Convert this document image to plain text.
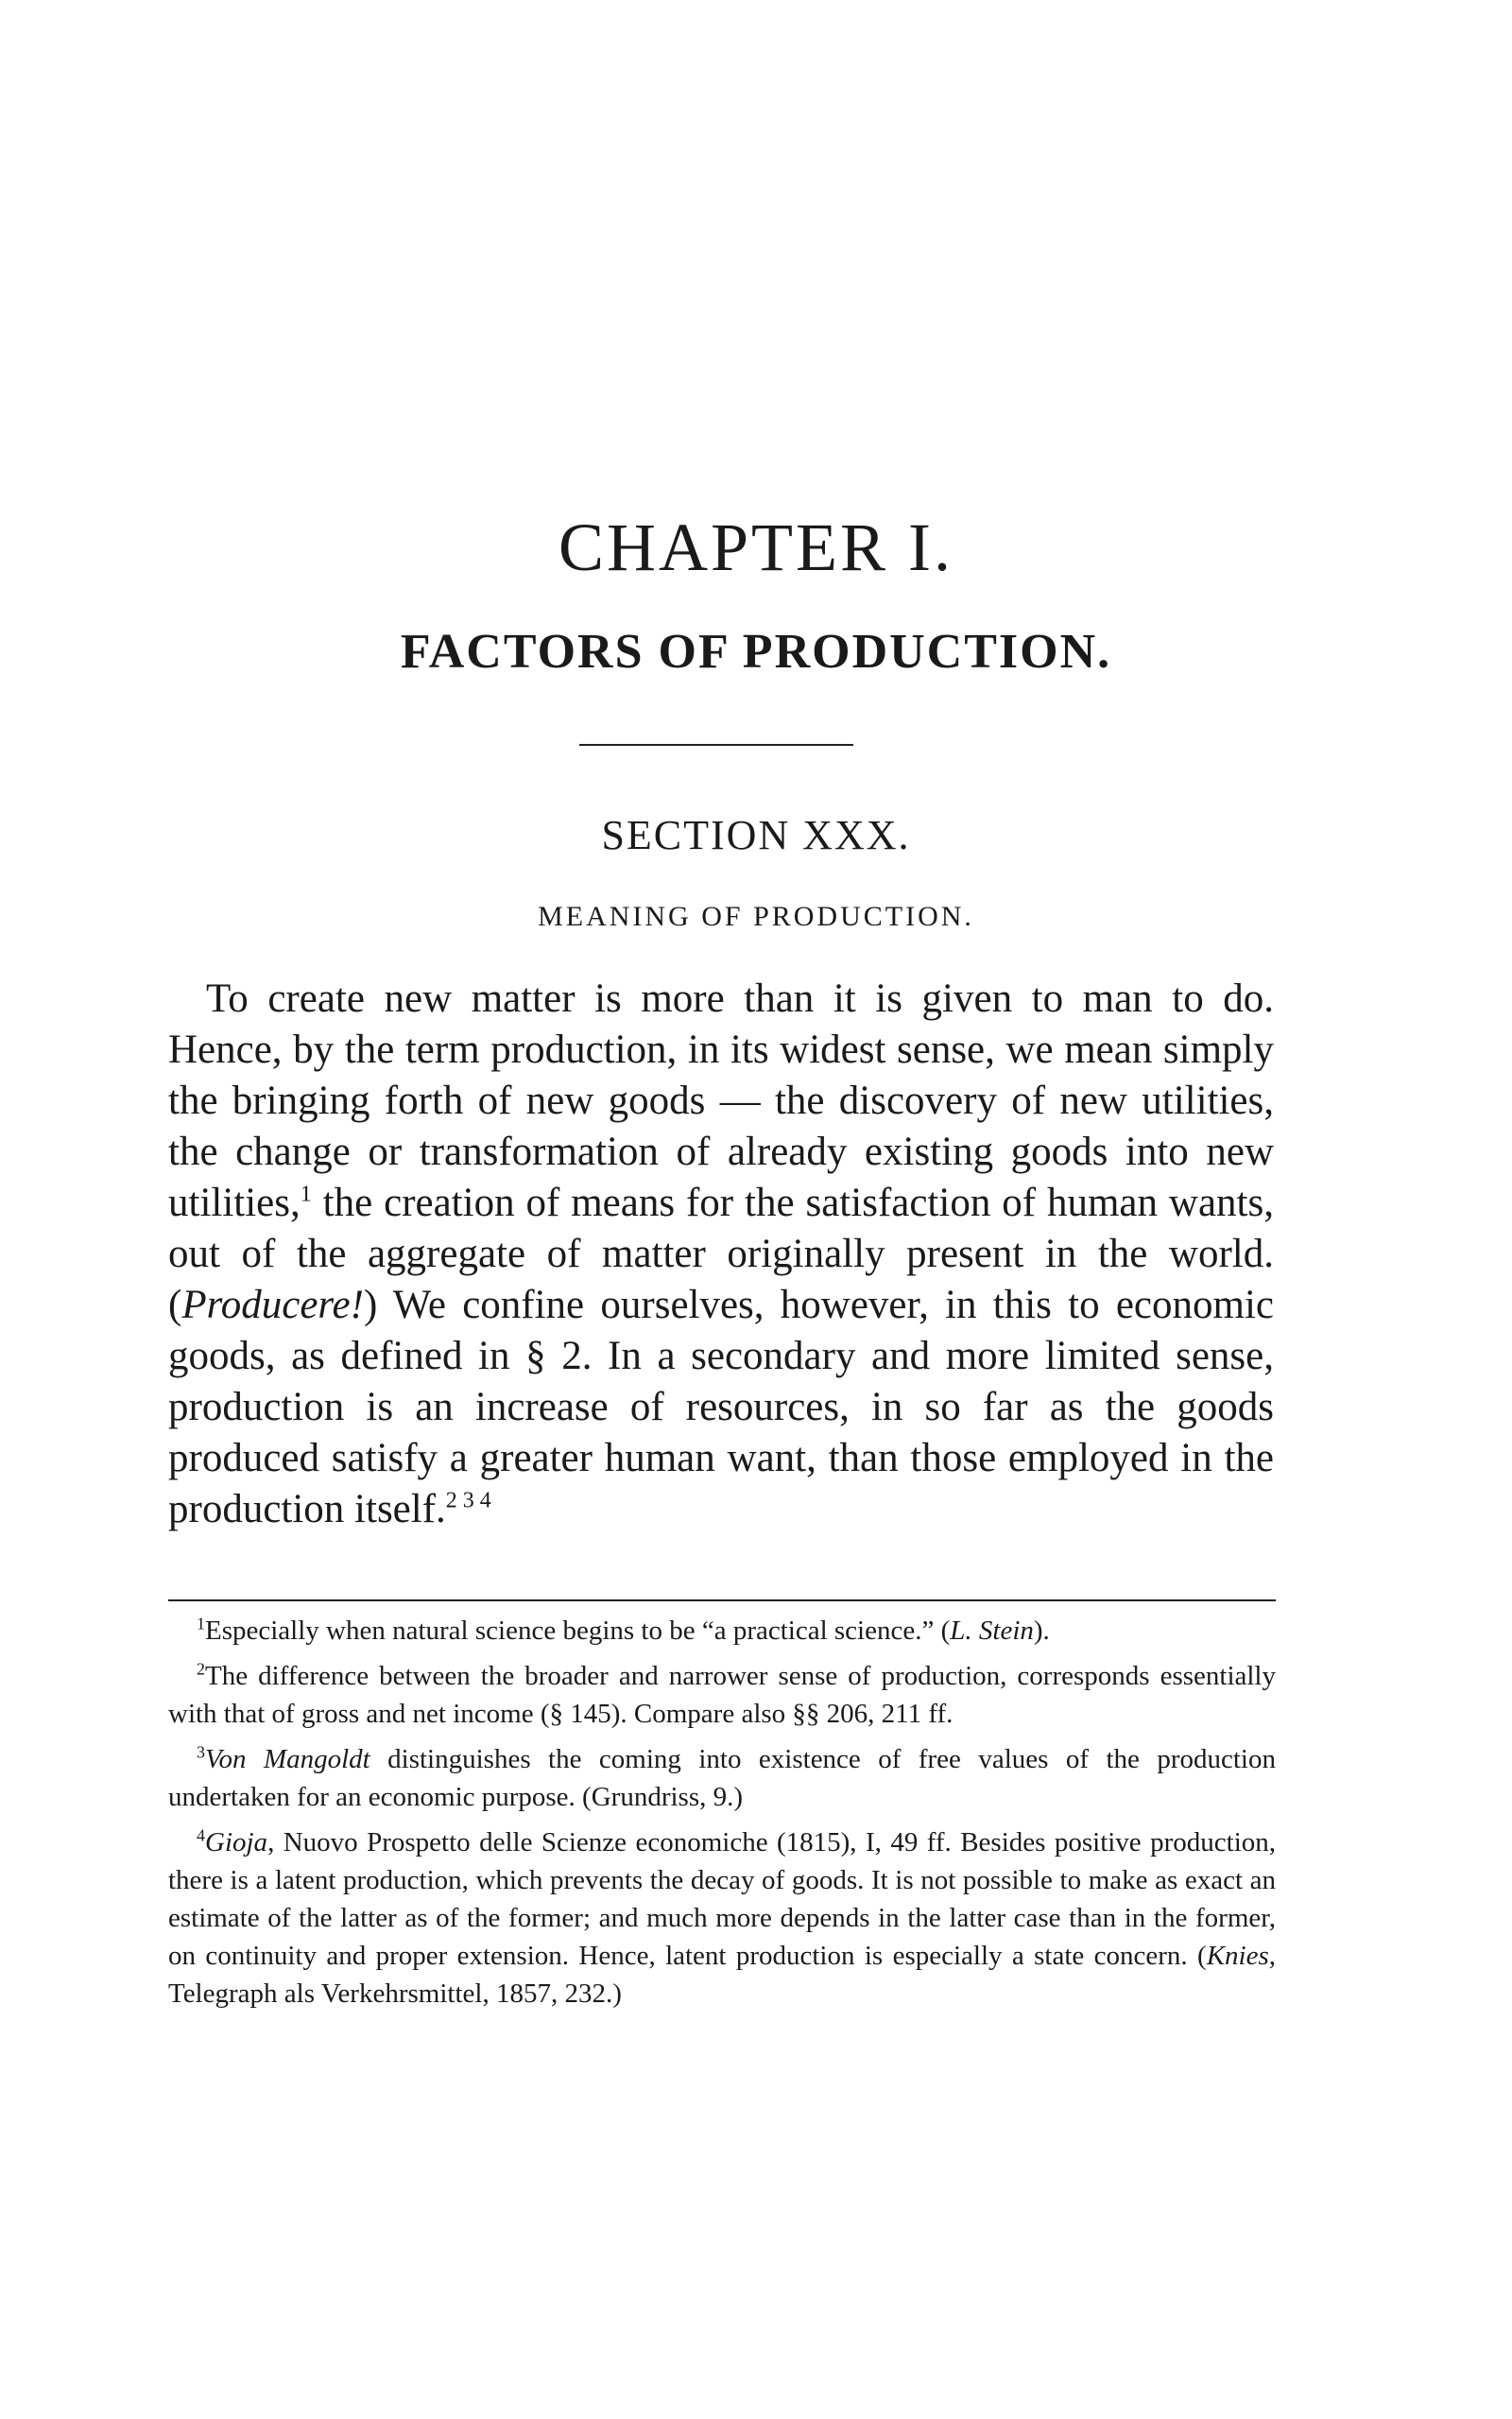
CHAPTER I.
FACTORS OF PRODUCTION.
SECTION XXX.
MEANING OF PRODUCTION.

To create new matter is more than it is given to man to do. Hence, by the term production, in its widest sense, we mean simply the bringing forth of new goods — the discovery of new utilities, the change or transformation of already existing goods into new utilities,$^1$ the creation of means for the satisfaction of human wants, out of the aggregate of matter originally present in the world. (Producere!) We confine ourselves, however, in this to economic goods, as defined in § 2. In a secondary and more limited sense, production is an increase of resources, in so far as the goods produced satisfy a greater human want, than those employed in the production itself.$^{2 3 4}$

$^1$Especially when natural science begins to be “a practical science.” (L. Stein).

$^2$The difference between the broader and narrower sense of production, corresponds essentially with that of gross and net income (§ 145). Compare also §§ 206, 211 ff.

$^3$Von Mangoldt distinguishes the coming into existence of free values of the production undertaken for an economic purpose. (Grundriss, 9.)

$^4$Gioja, Nuovo Prospetto delle Scienze economiche (1815), I, 49 ff. Besides positive production, there is a latent production, which prevents the decay of goods. It is not possible to make as exact an estimate of the latter as of the former; and much more depends in the latter case than in the former, on continuity and proper extension. Hence, latent production is especially a state concern. (Knies, Telegraph als Verkehrsmittel, 1857, 232.)
